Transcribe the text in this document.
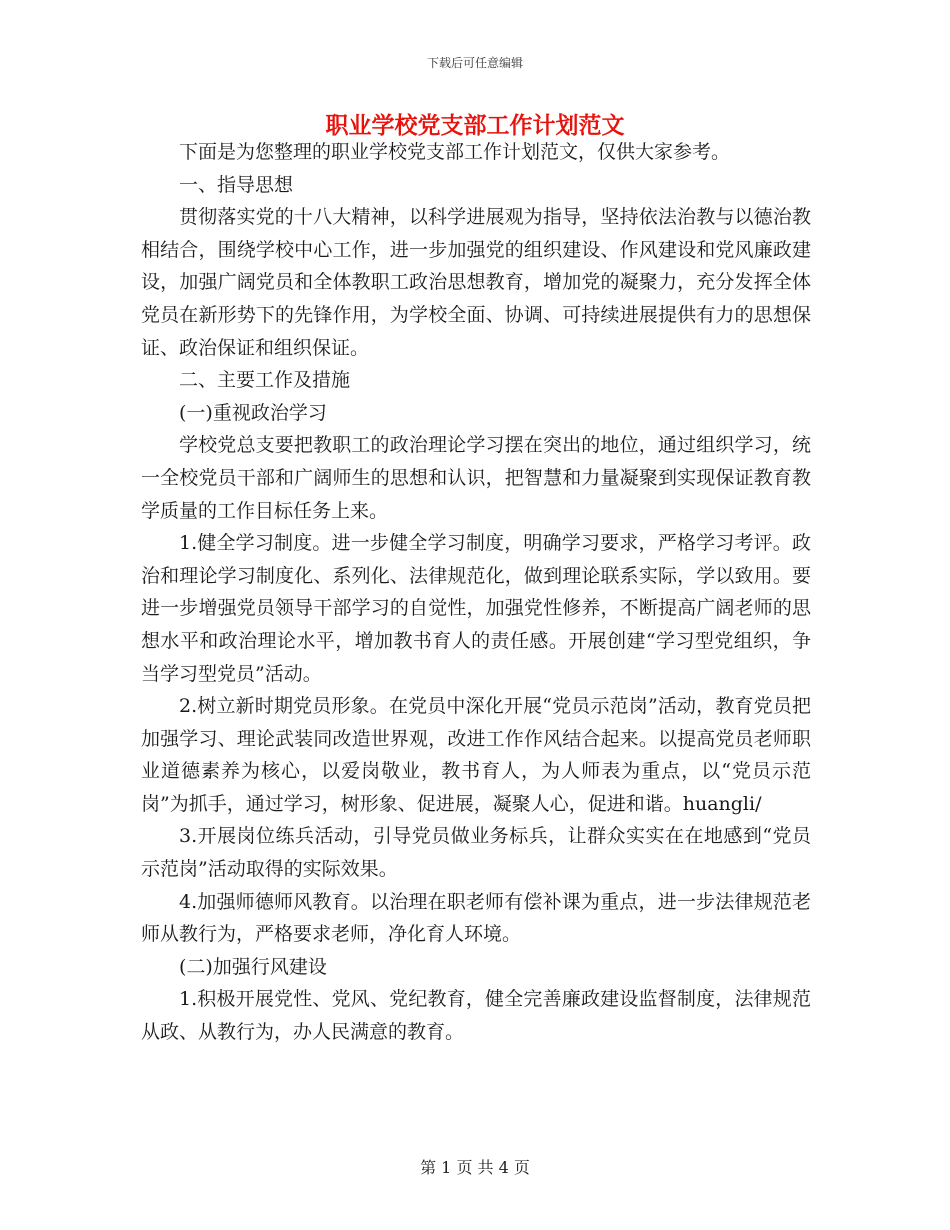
下载后可任意编辑
职业学校党支部工作计划范文

下面是为您整理的职业学校党支部工作计划范文，仅供大家参考。

一、指导思想

贯彻落实党的十八大精神，以科学进展观为指导，坚持依法治教与以德治教相结合，围绕学校中心工作，进一步加强党的组织建设、作风建设和党风廉政建设，加强广阔党员和全体教职工政治思想教育，增加党的凝聚力，充分发挥全体党员在新形势下的先锋作用，为学校全面、协调、可持续进展提供有力的思想保证、政治保证和组织保证。

二、主要工作及措施

(一)重视政治学习

学校党总支要把教职工的政治理论学习摆在突出的地位，通过组织学习，统一全校党员干部和广阔师生的思想和认识，把智慧和力量凝聚到实现保证教育教学质量的工作目标任务上来。

1.健全学习制度。进一步健全学习制度，明确学习要求，严格学习考评。政治和理论学习制度化、系列化、法律规范化，做到理论联系实际，学以致用。要进一步增强党员领导干部学习的自觉性，加强党性修养，不断提高广阔老师的思想水平和政治理论水平，增加教书育人的责任感。开展创建“学习型党组织，争当学习型党员”活动。

2.树立新时期党员形象。在党员中深化开展“党员示范岗”活动，教育党员把加强学习、理论武装同改造世界观，改进工作作风结合起来。以提高党员老师职业道德素养为核心，以爱岗敬业，教书育人，为人师表为重点，以“党员示范岗”为抓手，通过学习，树形象、促进展，凝聚人心，促进和谐。huangli/

3.开展岗位练兵活动，引导党员做业务标兵，让群众实实在在地感到“党员示范岗”活动取得的实际效果。

4.加强师德师风教育。以治理在职老师有偿补课为重点，进一步法律规范老师从教行为，严格要求老师，净化育人环境。

(二)加强行风建设

1.积极开展党性、党风、党纪教育，健全完善廉政建设监督制度，法律规范从政、从教行为，办人民满意的教育。

第 1 页 共 4 页
